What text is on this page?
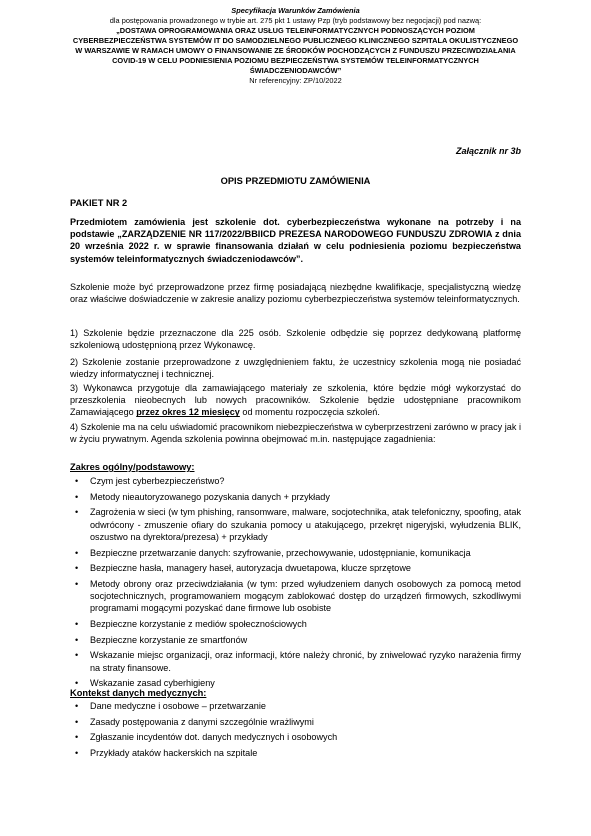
Specyfikacja Warunków Zamówienia
dla postępowania prowadzonego w trybie art. 275 pkt 1 ustawy Pzp (tryb podstawowy bez negocjacji) pod nazwą:
„DOSTAWA OPROGRAMOWANIA ORAZ USŁUG TELEINFORMATYCZNYCH PODNOSZĄCYCH POZIOM CYBERBEZPIECZEŃSTWA SYSTEMÓW IT DO SAMODZIELNEGO PUBLICZNEGO KLINICZNEGO SZPITALA OKULISTYCZNEGO W WARSZAWIE W RAMACH UMOWY O FINANSOWANIE ZE ŚRODKÓW POCHODZĄCYCH Z FUNDUSZU PRZECIWDZIAŁANIA COVID-19 W CELU PODNIESIENIA POZIOMU BEZPIECZEŃSTWA SYSTEMÓW TELEINFORMATYCZNYCH ŚWIADCZENIODAWCÓW”
Nr referencyjny: ZP/10/2022
Załącznik nr 3b
OPIS PRZEDMIOTU ZAMÓWIENIA
PAKIET NR 2
Przedmiotem zamówienia jest szkolenie dot. cyberbezpieczeństwa wykonane na potrzeby i na podstawie „ZARZĄDZENIE NR 117/2022/BBIICD PREZESA NARODOWEGO FUNDUSZU ZDROWIA z dnia 20 września 2022 r. w sprawie finansowania działań w celu podniesienia poziomu bezpieczeństwa systemów teleinformatycznych świadczeniodawców”.
Szkolenie może być przeprowadzone przez firmę posiadającą niezbędne kwalifikacje, specjalistyczną wiedzę oraz właściwe doświadczenie w zakresie analizy poziomu cyberbezpieczeństwa systemów teleinformatycznych.
1) Szkolenie będzie przeznaczone dla 225 osób. Szkolenie odbędzie się poprzez dedykowaną platformę szkoleniową udostępnioną przez Wykonawcę.
2) Szkolenie zostanie przeprowadzone z uwzględnieniem faktu, że uczestnicy szkolenia mogą nie posiadać wiedzy informatycznej i technicznej.
3) Wykonawca przygotuje dla zamawiającego materiały ze szkolenia, które będzie mógł wykorzystać do przeszkolenia nieobecnych lub nowych pracowników. Szkolenie będzie udostępniane pracownikom Zamawiającego przez okres 12 miesięcy od momentu rozpoczęcia szkoleń.
4) Szkolenie ma na celu uświadomić pracownikom niebezpieczeństwa w cyberprzestrzeni zarówno w pracy jak i w życiu prywatnym. Agenda szkolenia powinna obejmować m.in. następujące zagadnienia:
Zakres ogólny/podstawowy:
• Czym jest cyberbezpieczeństwo?
• Metody nieautoryzowanego pozyskania danych + przykłady
• Zagrożenia w sieci (w tym phishing, ransomware, malware, socjotechnika, atak telefoniczny, spoofing, atak odwrócony - zmuszenie ofiary do szukania pomocy u atakującego, przekręt nigeryjski, wyłudzenia BLIK, oszustwo na dyrektora/prezesa) + przykłady
• Bezpieczne przetwarzanie danych: szyfrowanie, przechowywanie, udostępnianie, komunikacja
• Bezpieczne hasła, managery haseł, autoryzacja dwuetapowa, klucze sprzętowe
• Metody obrony oraz przeciwdziałania (w tym: przed wyłudzeniem danych osobowych za pomocą metod socjotechnicznych, programowaniem mogącym zablokować dostęp do urządzeń firmowych, szkodliwymi programami mogącymi pozyskać dane firmowe lub osobiste
• Bezpieczne korzystanie z mediów społecznościowych
• Bezpieczne korzystanie ze smartfonów
• Wskazanie miejsc organizacji, oraz informacji, które należy chronić, by zniwelować ryzyko narażenia firmy na straty finansowe.
• Wskazanie zasad cyberhigieny
Kontekst danych medycznych:
• Dane medyczne i osobowe – przetwarzanie
• Zasady postępowania z danymi szczególnie wrażliwymi
• Zgłaszanie incydentów dot. danych medycznych i osobowych
• Przykłady ataków hackerskich na szpitale
